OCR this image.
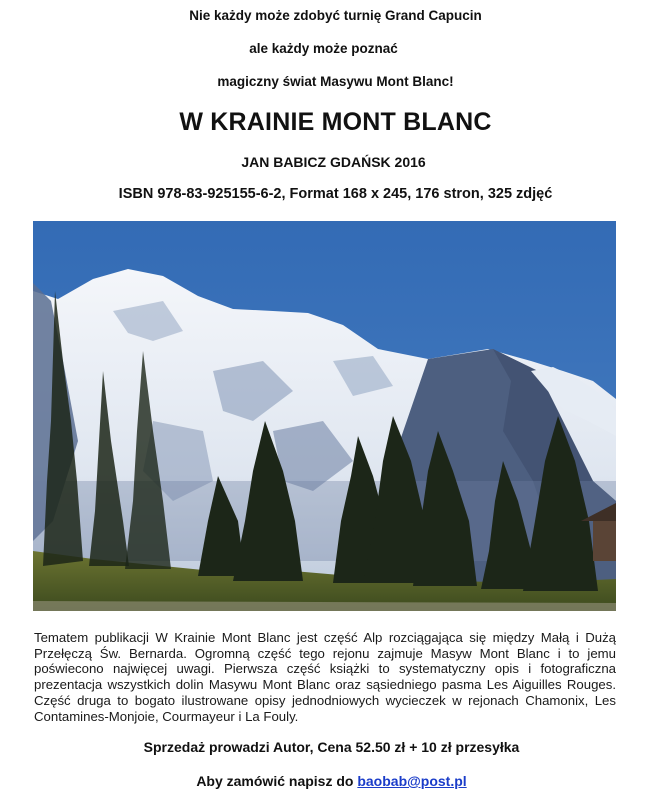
Nie każdy może zdobyć turnię Grand Capucin
ale każdy może poznać
magiczny świat Masywu Mont Blanc!
W KRAINIE MONT BLANC
JAN BABICZ GDAŃSK 2016
ISBN 978-83-925155-6-2, Format 168 x 245, 176 stron, 325 zdjęć
Tematem publikacji W Krainie Mont Blanc jest część Alp rozciągająca się między Małą i Dużą Przełęczą Św. Bernarda. Ogromną część tego rejonu zajmuje Masyw Mont Blanc i to jemu poświecono najwięcej uwagi. Pierwsza część książki to systematyczny opis i fotograficzna prezentacja wszystkich dolin Masywu Mont Blanc oraz sąsiedniego pasma Les Aiguilles Rouges. Część druga to bogato ilustrowane opisy jednodniowych wycieczek w rejonach Chamonix, Les Contamines-Monjoie, Courmayeur i La Fouly.
Sprzedaż prowadzi Autor, Cena 52.50 zł + 10 zł przesyłka
Aby zamówić napisz do baobab@post.pl
